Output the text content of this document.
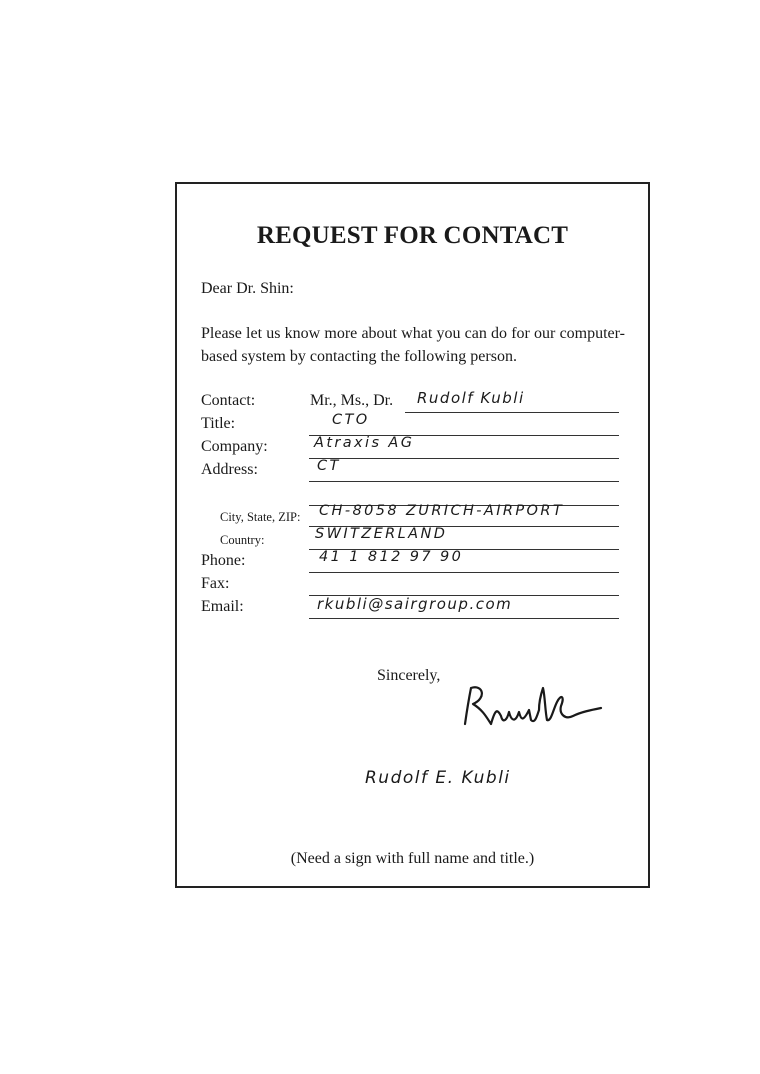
REQUEST FOR CONTACT
Dear Dr. Shin:
Please let us know more about what you can do for our computer-based system by contacting the following person.
Contact:	Mr., Ms., Dr. Rudolf Kubli
Title:	CTO
Company:	Atraxis AG
Address:	CT
City, State, ZIP: CH-8058 ZURICH-AIRPORT
Country:	SWITZERLAND
Phone:	41 1 812 97 90
Fax:
Email:	rkubli@sairgroup.com
Sincerely,
Rudolf E. Kubli
(Need a sign with full name and title.)
